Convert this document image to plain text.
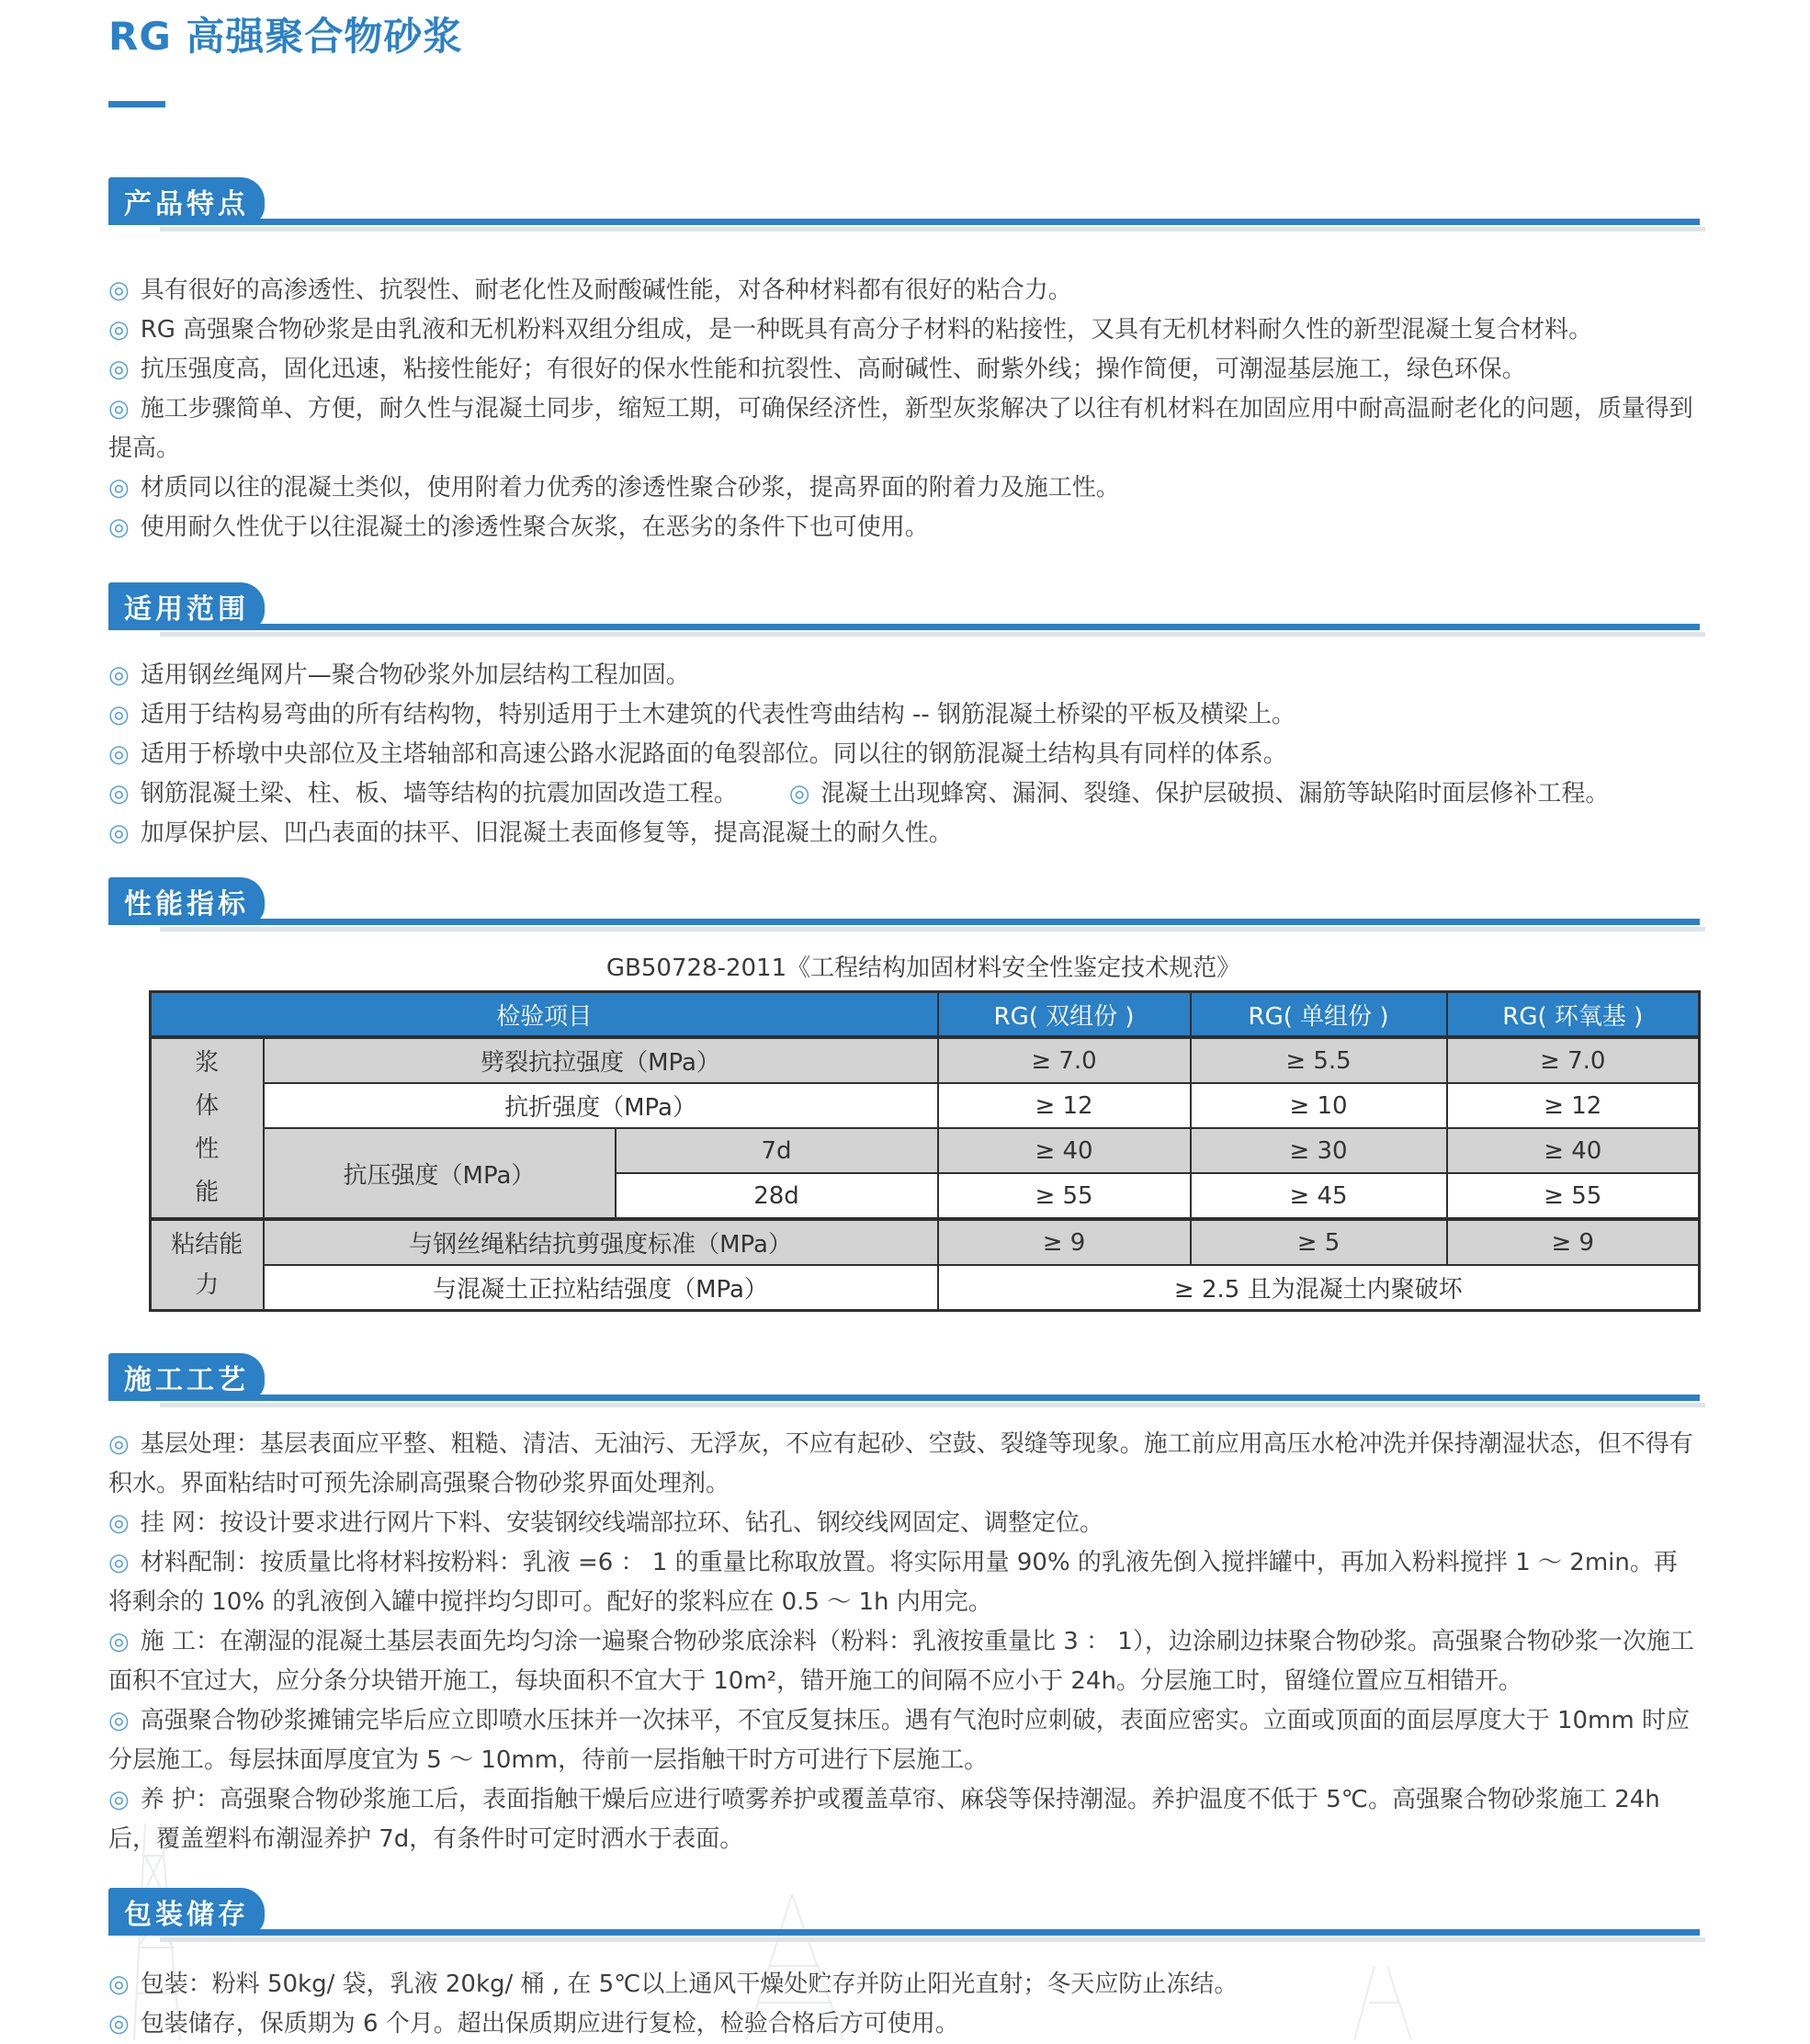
RG 高强聚合物砂浆
产品特点

◎ 具有很好的高渗透性、抗裂性、耐老化性及耐酸碱性能，对各种材料都有很好的粘合力。

◎ RG 高强聚合物砂浆是由乳液和无机粉料双组分组成，是一种既具有高分子材料的粘接性，又具有无机材料耐久性的新型混凝土复合材料。

◎ 抗压强度高，固化迅速，粘接性能好；有很好的保水性能和抗裂性、高耐碱性、耐紫外线；操作简便，可潮湿基层施工，绿色环保。

◎ 施工步骤简单、方便，耐久性与混凝土同步，缩短工期，可确保经济性，新型灰浆解决了以往有机材料在加固应用中耐高温耐老化的问题，质量得到提高。

◎ 材质同以往的混凝土类似，使用附着力优秀的渗透性聚合砂浆，提高界面的附着力及施工性。

◎ 使用耐久性优于以往混凝土的渗透性聚合灰浆，在恶劣的条件下也可使用。

适用范围

◎ 适用钢丝绳网片—聚合物砂浆外加层结构工程加固。

◎ 适用于结构易弯曲的所有结构物，特别适用于土木建筑的代表性弯曲结构 -- 钢筋混凝土桥梁的平板及横梁上。

◎ 适用于桥墩中央部位及主塔轴部和高速公路水泥路面的龟裂部位。同以往的钢筋混凝土结构具有同样的体系。

◎ 钢筋混凝土梁、柱、板、墙等结构的抗震加固改造工程。 ◎ 混凝土出现蜂窝、漏洞、裂缝、保护层破损、漏筋等缺陷时面层修补工程。

◎ 加厚保护层、凹凸表面的抹平、旧混凝土表面修复等，提高混凝土的耐久性。

性能指标
GB50728-2011《工程结构加固材料安全性鉴定技术规范》
检验项目			RG( 双组份 )	RG( 单组份 )	RG( 环氧基 )

浆体性能	劈裂抗拉强度（MPa）		≥ 7.0	≥ 5.5	≥ 7.0
	抗折强度（MPa）		≥ 12	≥ 10	≥ 12
	抗压强度（MPa）	7d	≥ 40	≥ 30	≥ 40
		28d	≥ 55	≥ 45	≥ 55

粘结能力	与钢丝绳粘结抗剪强度标准（MPa）		≥ 9	≥ 5	≥ 9
	与混凝土正拉粘结强度（MPa）		≥ 2.5 且为混凝土内聚破坏		
施工工艺

◎ 基层处理：基层表面应平整、粗糙、清洁、无油污、无浮灰，不应有起砂、空鼓、裂缝等现象。施工前应用高压水枪冲洗并保持潮湿状态，但不得有积水。界面粘结时可预先涂刷高强聚合物砂浆界面处理剂。

◎ 挂 网：按设计要求进行网片下料、安装钢绞线端部拉环、钻孔、钢绞线网固定、调整定位。

◎ 材料配制：按质量比将材料按粉料：乳液 =6 ： 1 的重量比称取放置。将实际用量 90% 的乳液先倒入搅拌罐中，再加入粉料搅拌 1 ～ 2min。再将剩余的 10% 的乳液倒入罐中搅拌均匀即可。配好的浆料应在 0.5 ～ 1h 内用完。

◎ 施 工：在潮湿的混凝土基层表面先均匀涂一遍聚合物砂浆底涂料（粉料：乳液按重量比 3 ： 1），边涂刷边抹聚合物砂浆。高强聚合物砂浆一次施工面积不宜过大，应分条分块错开施工，每块面积不宜大于 10m²，错开施工的间隔不应小于 24h。分层施工时，留缝位置应互相错开。

◎ 高强聚合物砂浆摊铺完毕后应立即喷水压抹并一次抹平，不宜反复抹压。遇有气泡时应刺破，表面应密实。立面或顶面的面层厚度大于 10mm 时应分层施工。每层抹面厚度宜为 5 ～ 10mm，待前一层指触干时方可进行下层施工。

◎ 养 护：高强聚合物砂浆施工后，表面指触干燥后应进行喷雾养护或覆盖草帘、麻袋等保持潮湿。养护温度不低于 5℃。高强聚合物砂浆施工 24h 后，覆盖塑料布潮湿养护 7d，有条件时可定时洒水于表面。

包装储存

◎ 包装：粉料 50kg/ 袋，乳液 20kg/ 桶 , 在 5℃以上通风干燥处贮存并防止阳光直射；冬天应防止冻结。

◎ 包装储存，保质期为 6 个月。超出保质期应进行复检，检验合格后方可使用。
